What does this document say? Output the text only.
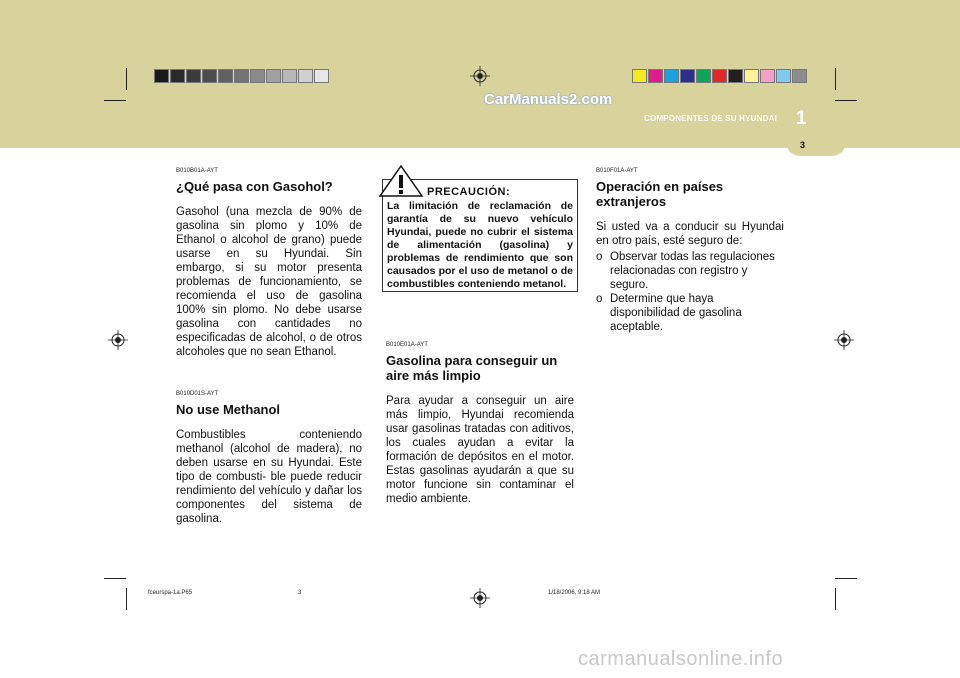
CarManuals2.com
COMPONENTES DE SU HYUNDAI 1
3
B010B01A-AYT
¿Qué pasa con Gasohol?
Gasohol (una mezcla de 90% de gasolina sin plomo y 10% de Ethanol o alcohol de grano) puede usarse en su Hyundai. Sin embargo, si su motor presenta problemas de funcionamiento, se recomienda el uso de gasolina 100% sin plomo. No debe usarse gasolina con cantidades no especificadas de alcohol, o de otros alcoholes que no sean Ethanol.
B010D01S-AYT
No use Methanol
Combustibles conteniendo methanol (alcohol de madera), no deben usarse en su Hyundai. Este tipo de combusti- ble puede reducir rendimiento del vehículo y dañar los componentes del sistema de gasolina.
PRECAUCIÓN:
La limitación de reclamación de garantía de su nuevo vehículo Hyundai, puede no cubrir el sistema de alimentación (gasolina) y problemas de rendimiento que son causados por el uso de metanol o de combustibles conteniendo metanol.
B010E01A-AYT
Gasolina para conseguir un aire más limpio
Para ayudar a conseguir un aire más limpio, Hyundai recomienda usar gasolinas tratadas con aditivos, los cuales ayudan a evitar la formación de depósitos en el motor. Estas gasolinas ayudarán a que su motor funcione sin contaminar el medio ambiente.
B010F01A-AYT
Operación en países extranjeros
Si usted va a conducir su Hyundai en otro país, esté seguro de:
o Observar todas las regulaciones relacionadas con registro y seguro.
o Determine que haya disponibilidad de gasolina aceptable.
fceurspa-1a.P65	3	1/18/2006, 9:18 AM
carmanualsonline.info
